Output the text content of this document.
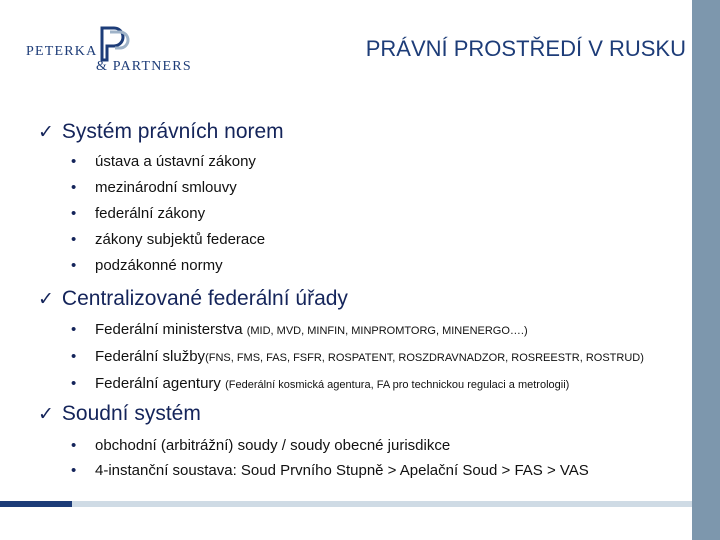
PETERKA
& PARTNERS
PRÁVNÍ PROSTŘEDÍ V RUSKU
✓ Systém právních norem
• ústava a ústavní zákony
• mezinárodní smlouvy
• federální zákony
• zákony subjektů federace
• podzákonné normy
✓ Centralizované federální úřady
• Federální ministerstva (MID, MVD, MINFIN, MINPROMTORG, MINENERGO….)
• Federální služby(FNS, FMS, FAS, FSFR, ROSPATENT, ROSZDRAVNADZOR, ROSREESTR, ROSTRUD)
• Federální agentury (Federální kosmická agentura, FA pro technickou regulaci a metrologii)
✓ Soudní systém
• obchodní (arbitrážní) soudy / soudy obecné jurisdikce
• 4-instanční soustava: Soud Prvního Stupně > Apelační Soud > FAS > VAS
